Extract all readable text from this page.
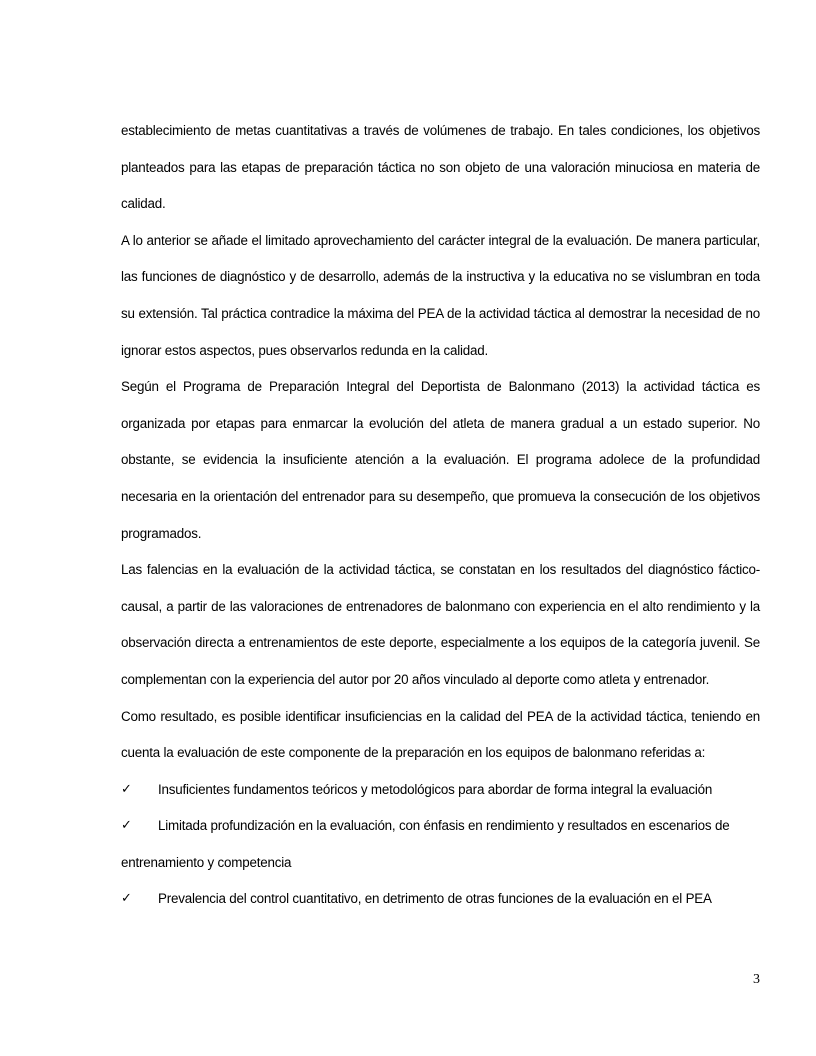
establecimiento de metas cuantitativas a través de volúmenes de trabajo. En tales condiciones, los objetivos planteados para las etapas de preparación táctica no son objeto de una valoración minuciosa en materia de calidad.

A lo anterior se añade el limitado aprovechamiento del carácter integral de la evaluación. De manera particular, las funciones de diagnóstico y de desarrollo, además de la instructiva y la educativa no se vislumbran en toda su extensión. Tal práctica contradice la máxima del PEA de la actividad táctica al demostrar la necesidad de no ignorar estos aspectos, pues observarlos redunda en la calidad.

Según el Programa de Preparación Integral del Deportista de Balonmano (2013) la actividad táctica es organizada por etapas para enmarcar la evolución del atleta de manera gradual a un estado superior. No obstante, se evidencia la insuficiente atención a la evaluación. El programa adolece de la profundidad necesaria en la orientación del entrenador para su desempeño, que promueva la consecución de los objetivos programados.

Las falencias en la evaluación de la actividad táctica, se constatan en los resultados del diagnóstico fáctico-causal, a partir de las valoraciones de entrenadores de balonmano con experiencia en el alto rendimiento y la observación directa a entrenamientos de este deporte, especialmente a los equipos de la categoría juvenil. Se complementan con la experiencia del autor por 20 años vinculado al deporte como atleta y entrenador.

Como resultado, es posible identificar insuficiencias en la calidad del PEA de la actividad táctica, teniendo en cuenta la evaluación de este componente de la preparación en los equipos de balonmano referidas a:

✓ Insuficientes fundamentos teóricos y metodológicos para abordar de forma integral la evaluación
✓ Limitada profundización en la evaluación, con énfasis en rendimiento y resultados en escenarios de
entrenamiento y competencia
✓ Prevalencia del control cuantitativo, en detrimento de otras funciones de la evaluación en el PEA
3
